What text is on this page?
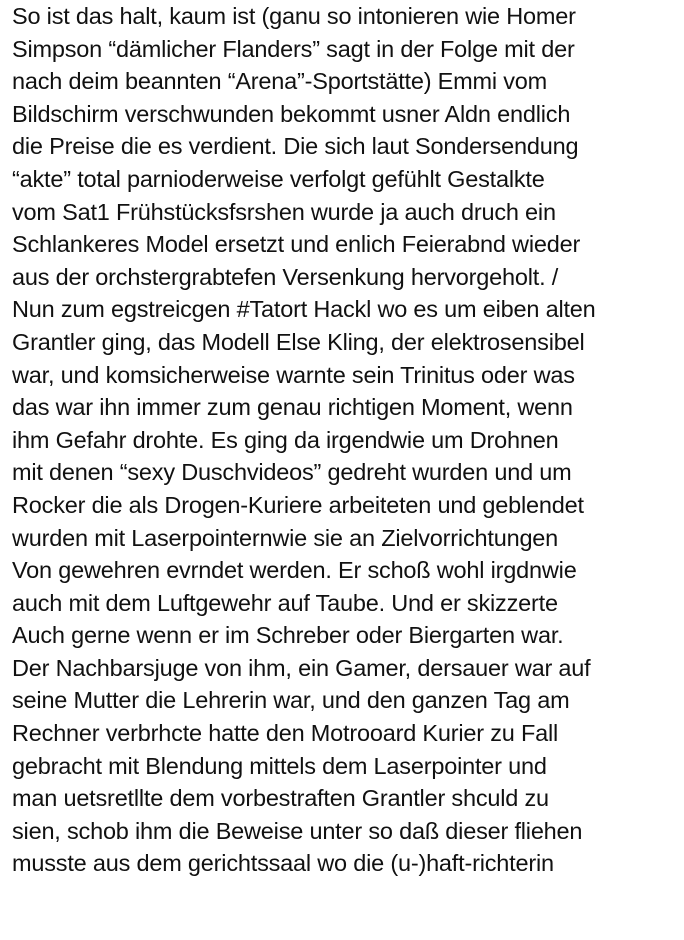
So ist das halt, kaum ist (ganu so intonieren wie Homer
Simpson “dämlicher Flanders” sagt in der Folge mit der
nach deim beannten “Arena”-Sportstätte) Emmi vom
Bildschirm verschwunden bekommt usner Aldn endlich
die Preise die es verdient. Die sich laut Sondersendung
“akte” total parnioderweise verfolgt gefühlt Gestalkte
vom Sat1 Frühstücksfsrshen wurde ja auch druch ein
Schlankeres Model ersetzt und enlich Feierabnd wieder
aus der orchstergrabtefen Versenkung hervorgeholt. /
Nun zum egstreicgen #Tatort Hackl wo es um eiben alten
Grantler ging, das Modell Else Kling, der elektrosensibel
war, und komsicherweise warnte sein Trinitus oder was
das war ihn immer zum genau richtigen Moment, wenn
ihm Gefahr drohte. Es ging da irgendwie um Drohnen
mit denen “sexy Duschvideos” gedreht wurden und um
Rocker die als Drogen-Kuriere arbeiteten und geblendet
wurden mit Laserpointernwie sie an Zielvorrichtungen
Von gewehren evrndet werden. Er schoß wohl irgdnwie
auch mit dem Luftgewehr auf Taube. Und er skizzerte
Auch gerne wenn er im Schreber oder Biergarten war.
Der Nachbarsjuge von ihm, ein Gamer, dersauer war auf
seine Mutter die Lehrerin war, und den ganzen Tag am
Rechner verbrhcte hatte den Motrooard Kurier zu Fall
gebracht mit Blendung mittels dem Laserpointer und
man uetsretllte dem vorbestraften Grantler shculd zu
sien, schob ihm die Beweise unter so daß dieser fliehen
musste aus dem gerichtssaal wo die (u-)haft-richterin
